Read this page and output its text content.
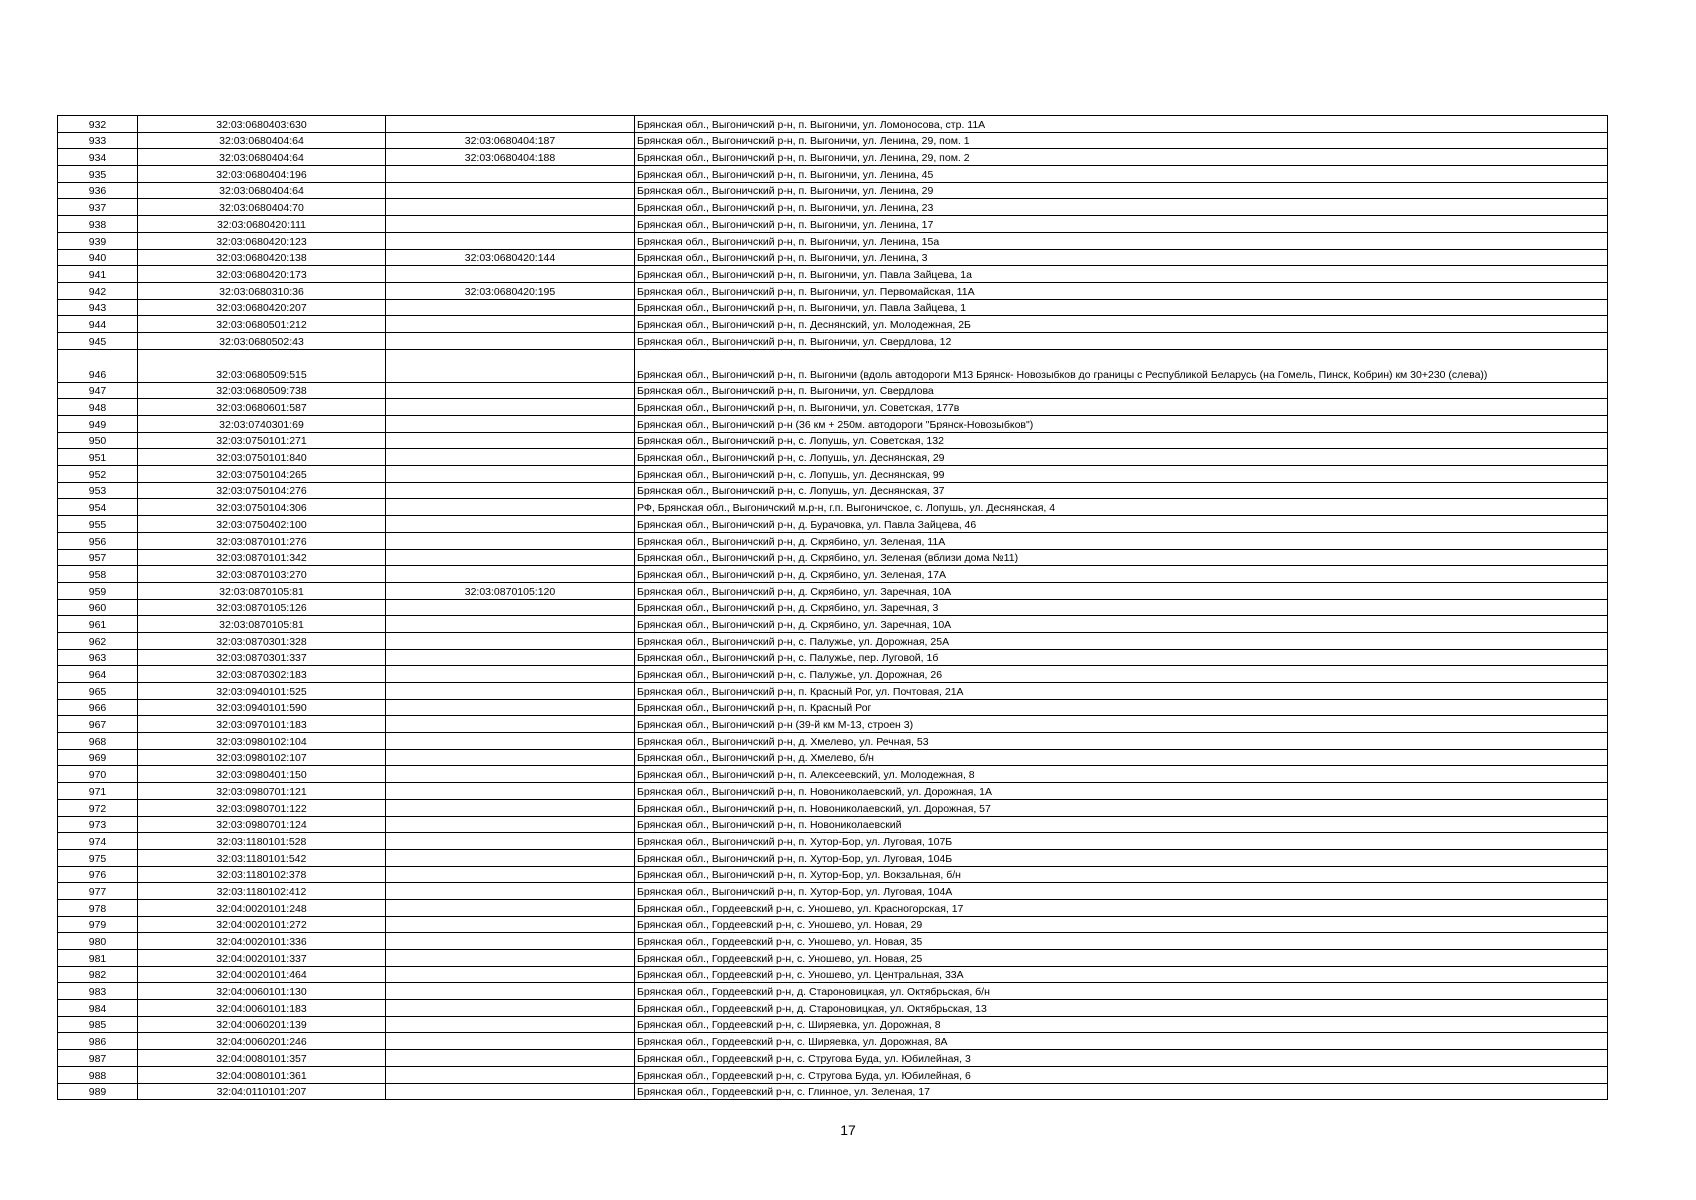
932	32:03:0680403:630		Брянская обл., Выгоничский р-н, п. Выгоничи, ул. Ломоносова, стр. 11А
933	32:03:0680404:64	32:03:0680404:187	Брянская обл., Выгоничский р-н, п. Выгоничи, ул. Ленина, 29, пом. 1
934	32:03:0680404:64	32:03:0680404:188	Брянская обл., Выгоничский р-н, п. Выгоничи, ул. Ленина, 29, пом. 2
935	32:03:0680404:196		Брянская обл., Выгоничский р-н, п. Выгоничи, ул. Ленина, 45
936	32:03:0680404:64		Брянская обл., Выгоничский р-н, п. Выгоничи, ул. Ленина, 29
937	32:03:0680404:70		Брянская обл., Выгоничский р-н, п. Выгоничи, ул. Ленина, 23
938	32:03:0680420:111		Брянская обл., Выгоничский р-н, п. Выгоничи, ул. Ленина, 17
939	32:03:0680420:123		Брянская обл., Выгоничский р-н, п. Выгоничи, ул. Ленина, 15а
940	32:03:0680420:138	32:03:0680420:144	Брянская обл., Выгоничский р-н, п. Выгоничи, ул. Ленина, 3
941	32:03:0680420:173		Брянская обл., Выгоничский р-н, п. Выгоничи, ул. Павла Зайцева, 1а
942	32:03:0680310:36	32:03:0680420:195	Брянская обл., Выгоничский р-н, п. Выгоничи, ул. Первомайская, 11А
943	32:03:0680420:207		Брянская обл., Выгоничский р-н, п. Выгоничи, ул. Павла Зайцева, 1
944	32:03:0680501:212		Брянская обл., Выгоничский р-н, п. Деснянский, ул. Молодежная, 2Б
945	32:03:0680502:43		Брянская обл., Выгоничский р-н, п. Выгоничи, ул. Свердлова, 12
946	32:03:0680509:515		Брянская обл., Выгоничский р-н, п. Выгоничи (вдоль автодороги М13 Брянск- Новозыбков до границы с Республикой Беларусь (на Гомель, Пинск, Кобрин) км 30+230 (слева))
947	32:03:0680509:738		Брянская обл., Выгоничский р-н, п. Выгоничи, ул. Свердлова
948	32:03:0680601:587		Брянская обл., Выгоничский р-н, п. Выгоничи, ул. Советская, 177в
949	32:03:0740301:69		Брянская обл., Выгоничский р-н (36 км + 250м. автодороги "Брянск-Новозыбков")
950	32:03:0750101:271		Брянская обл., Выгоничский р-н, с. Лопушь, ул. Советская, 132
951	32:03:0750101:840		Брянская обл., Выгоничский р-н, с. Лопушь, ул. Деснянская, 29
952	32:03:0750104:265		Брянская обл., Выгоничский р-н, с. Лопушь, ул. Деснянская, 99
953	32:03:0750104:276		Брянская обл., Выгоничский р-н, с. Лопушь, ул. Деснянская, 37
954	32:03:0750104:306		РФ, Брянская обл., Выгоничский м.р-н, г.п. Выгоничское, с. Лопушь, ул. Деснянская, 4
955	32:03:0750402:100		Брянская обл., Выгоничский р-н, д. Бурачовка, ул. Павла Зайцева, 46
956	32:03:0870101:276		Брянская обл., Выгоничский р-н, д. Скрябино, ул. Зеленая, 11А
957	32:03:0870101:342		Брянская обл., Выгоничский р-н, д. Скрябино, ул. Зеленая (вблизи дома №11)
958	32:03:0870103:270		Брянская обл., Выгоничский р-н, д. Скрябино, ул. Зеленая, 17А
959	32:03:0870105:81	32:03:0870105:120	Брянская обл., Выгоничский р-н, д. Скрябино, ул. Заречная, 10А
960	32:03:0870105:126		Брянская обл., Выгоничский р-н, д. Скрябино, ул. Заречная, 3
961	32:03:0870105:81		Брянская обл., Выгоничский р-н, д. Скрябино, ул. Заречная, 10А
962	32:03:0870301:328		Брянская обл., Выгоничский р-н, с. Палужье, ул. Дорожная, 25А
963	32:03:0870301:337		Брянская обл., Выгоничский р-н, с. Палужье, пер. Луговой, 1б
964	32:03:0870302:183		Брянская обл., Выгоничский р-н, с. Палужье, ул. Дорожная, 26
965	32:03:0940101:525		Брянская обл., Выгоничский р-н, п. Красный Рог, ул. Почтовая, 21А
966	32:03:0940101:590		Брянская обл., Выгоничский р-н, п. Красный Рог
967	32:03:0970101:183		Брянская обл., Выгоничский р-н (39-й км М-13, строен 3)
968	32:03:0980102:104		Брянская обл., Выгоничский р-н, д. Хмелево, ул. Речная, 53
969	32:03:0980102:107		Брянская обл., Выгоничский р-н, д. Хмелево, б/н
970	32:03:0980401:150		Брянская обл., Выгоничский р-н, п. Алексеевский, ул. Молодежная, 8
971	32:03:0980701:121		Брянская обл., Выгоничский р-н, п. Новониколаевский, ул. Дорожная, 1А
972	32:03:0980701:122		Брянская обл., Выгоничский р-н, п. Новониколаевский, ул. Дорожная, 57
973	32:03:0980701:124		Брянская обл., Выгоничский р-н, п. Новониколаевский
974	32:03:1180101:528		Брянская обл., Выгоничский р-н, п. Хутор-Бор, ул. Луговая, 107Б
975	32:03:1180101:542		Брянская обл., Выгоничский р-н, п. Хутор-Бор, ул. Луговая, 104Б
976	32:03:1180102:378		Брянская обл., Выгоничский р-н, п. Хутор-Бор, ул. Вокзальная, б/н
977	32:03:1180102:412		Брянская обл., Выгоничский р-н, п. Хутор-Бор, ул. Луговая, 104А
978	32:04:0020101:248		Брянская обл., Гордеевский р-н, с. Уношево, ул. Красногорская, 17
979	32:04:0020101:272		Брянская обл., Гордеевский р-н, с. Уношево, ул. Новая, 29
980	32:04:0020101:336		Брянская обл., Гордеевский р-н, с. Уношево, ул. Новая, 35
981	32:04:0020101:337		Брянская обл., Гордеевский р-н, с. Уношево, ул. Новая, 25
982	32:04:0020101:464		Брянская обл., Гордеевский р-н, с. Уношево, ул. Центральная, 33А
983	32:04:0060101:130		Брянская обл., Гордеевский р-н, д. Староновицкая, ул. Октябрьская, б/н
984	32:04:0060101:183		Брянская обл., Гордеевский р-н, д. Староновицкая, ул. Октябрьская, 13
985	32:04:0060201:139		Брянская обл., Гордеевский р-н, с. Ширяевка, ул. Дорожная, 8
986	32:04:0060201:246		Брянская обл., Гордеевский р-н, с. Ширяевка, ул. Дорожная, 8А
987	32:04:0080101:357		Брянская обл., Гордеевский р-н, с. Стругова Буда, ул. Юбилейная, 3
988	32:04:0080101:361		Брянская обл., Гордеевский р-н, с. Стругова Буда, ул. Юбилейная, 6
989	32:04:0110101:207		Брянская обл., Гордеевский р-н, с. Глинное, ул. Зеленая, 17
17
